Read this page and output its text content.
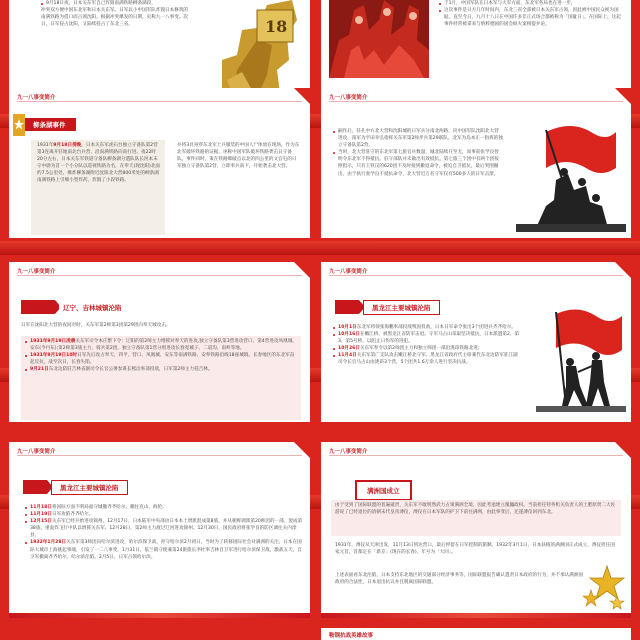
9月18日夜，日本关东军自己炸毁南满铁路柳条湖段，
冲突双方便中国东北军和日本关东军。日军以小中国军队炸毁日本修筑的南满铁路为借口而占领沈阳。根据冲突爆发的日期，史称九一八事变。次日，日军侵占沈阳，又陆续侵占了东北三省。	18
于1月，中国军队在日本军与大军方面，东北军各局也在进一步，
这次事件是日方几年时间内，东北三省全部被日本关东军占领，因此被中国民众视为国耻。直至今日，九月十八日在中国许多非正式场合都被称为「国耻日」。在国际上，这起事件经常被拿来与纳粹德国的国会纵火案相提并论。
九一八事变简介
柳条湖事件
1931年9月18日傍晚，日本关东军虎石台独立守备队第2营第3连离开驻地南北台兵营，沿南满铁路向南行进。夜22时20分左右，日本关东军铁道守备队柳条湖分遣队队长河本末守中尉为首一个小分队以巡视铁路为名，在奉天(现沈阳)北面约7.5公里处，爆炸柳条湖附近沈阳北大营800米处的柳条湖南满铁路上引爆小型炸药，炸毁了小段铁路。
并将3具身穿东北军士兵服装的中国人尸体放在现场，作为东北军破坏铁路的证据，诬称中国军队破坏铁路袭击日守备队。事件同时，策在铁路爆破点以北的四公里的文官屯的日军独立守备队第2营，立即率兵南下，开始袭击北大营。
九一八事变简介
嗣作后，驻扎中方北大营和沈阳城的日军兵分南北两路，向中国军队沈阳北大营进攻。南军为平田幸弘指挥关东军第2师步兵第29联队，北军为岛本正一指挥的独立守备队第2营。
当时，北大营驻守的东北军第七旅官兵数量，城北陆续开至无，而事前张学良曾明令东北军不得抵抗。驻守部队并未做出有效抵抗。第七旅三个团中有两个团按照指示，只有王铁汉的620团不及时接到撤退命令，被迫自卫抵抗，最后突围撤出。由于执行张学良不抵抗命令，北大营近万名守军仅有500多人的日军击溃。
九一八事变简介
辽宁、吉林城镇沦陷
日军在沈阳北大营的夜间对时，关东军第2师第3团第29团向奉天城攻击。
1931年9月19日凌晨关东军司令本庄繁下令：辽阳的第2师主力增援对奉天的进攻,独立守备队第3营进攻营口、第4营进攻凤凰城、安东(今丹东);第2师第3旅主力，骑兵第2团，独立守备队第1营分别进攻长春宽城子、二道沟、南岭等地。
1931年9月19日10时日军先后攻占奉天、四平、营口、凤凰城、安东等南满铁路、安奉铁路沿线18座城镇。长春地区的东北军奋起反抗，战至次日，长春失陷。
9月21日东北边防驻吉林省副司令长官公署参谋长熙洽率部投敌，日军第2师主力侵吉林。
九一八事变简介
黑龙江主要城镇沦陷
10月1日东北军将领张海鹏率部投敌叛国投敌，日本日军命令张出3个团进兵齐齐哈尔。
10月16日在嫩江桥，被黑龙江省防军击退。守军马占山采取坚决抵抗，日本派遣第2、第3、第5号桥，以阻止日伪军的进犯。
10月26日关东军奉令以第2师团主力和独立师团一部沿洮昂铁路北进；
11月4日关东军第广支队攻击嫩江桥北守军。黑龙江省政府代主席兼代东北边防军驻江副司令长官马占山由洮昂3个营，5个团共1.6万余人进行坚决抗战。
九一八事变简介
黑龙江主要城镇沦陷
11月18日将国际方面不明局面守城撤齐齐哈尔、撤往克山、海伦。
11月19日日军攻陷齐齐哈尔。
12月15日关东军已经开始进攻锦州。12月17日，日本陆军中央部由日本本土增派混成第8旅，并从朝鲜调派第20师团的一部，混成第38旅、重轰炸飞行中队以增援关东军。12月28日，第2师主力渡过辽河进攻锦州。12月30日，国民政府将张学良的防区调往关内滦县。
1932年1月28日关东军第3师团向哈尔滨进攻，哈尔滨保卫战，拒守哈尔滨2月初日，当时为了转移国际社会对满洲的关注，日本在国际大城市上海挑起事端，引发了一二八事变。1月31日，依兰镇守使兼第24旅旅长李杜率吉林自卫军进行哈尔滨保卫战，激战五天，自卫军撤离齐齐哈尔，哈尔滨沦陷。2月5日，日军占领哈尔滨。
九一八事变简介
满洲国成立
由于受到了国际联盟的普遍谴责，关东军不敢明然武力占领满洲全境，因此考虑建立傀儡政权。当前担任特务机关负责人的土肥原贤二大佐游说了已经退位的清朝末代皇帝溥仪，溥仪在日本军队的护卫下前往满洲，由此事变后，还遂溥仪回到东北。
1931年，溥仪从天津出发，11月13日到达营口，最后停留在日军控制的旅顺。1932年3月1日，日本扶植的满洲国正式成立，溥仪担任国家元首，首都定在「新京」(现在的长春)，年号为「大同」。
上述表面看东北沦陷，日本支持东北地区的交通部分经济事务等，国际联盟报告确认遣责日本政府的行为，并不承认满洲国政府的合法性，日本退出抗议并且脱离国际联盟。
鞍钢抗战英雄故事
